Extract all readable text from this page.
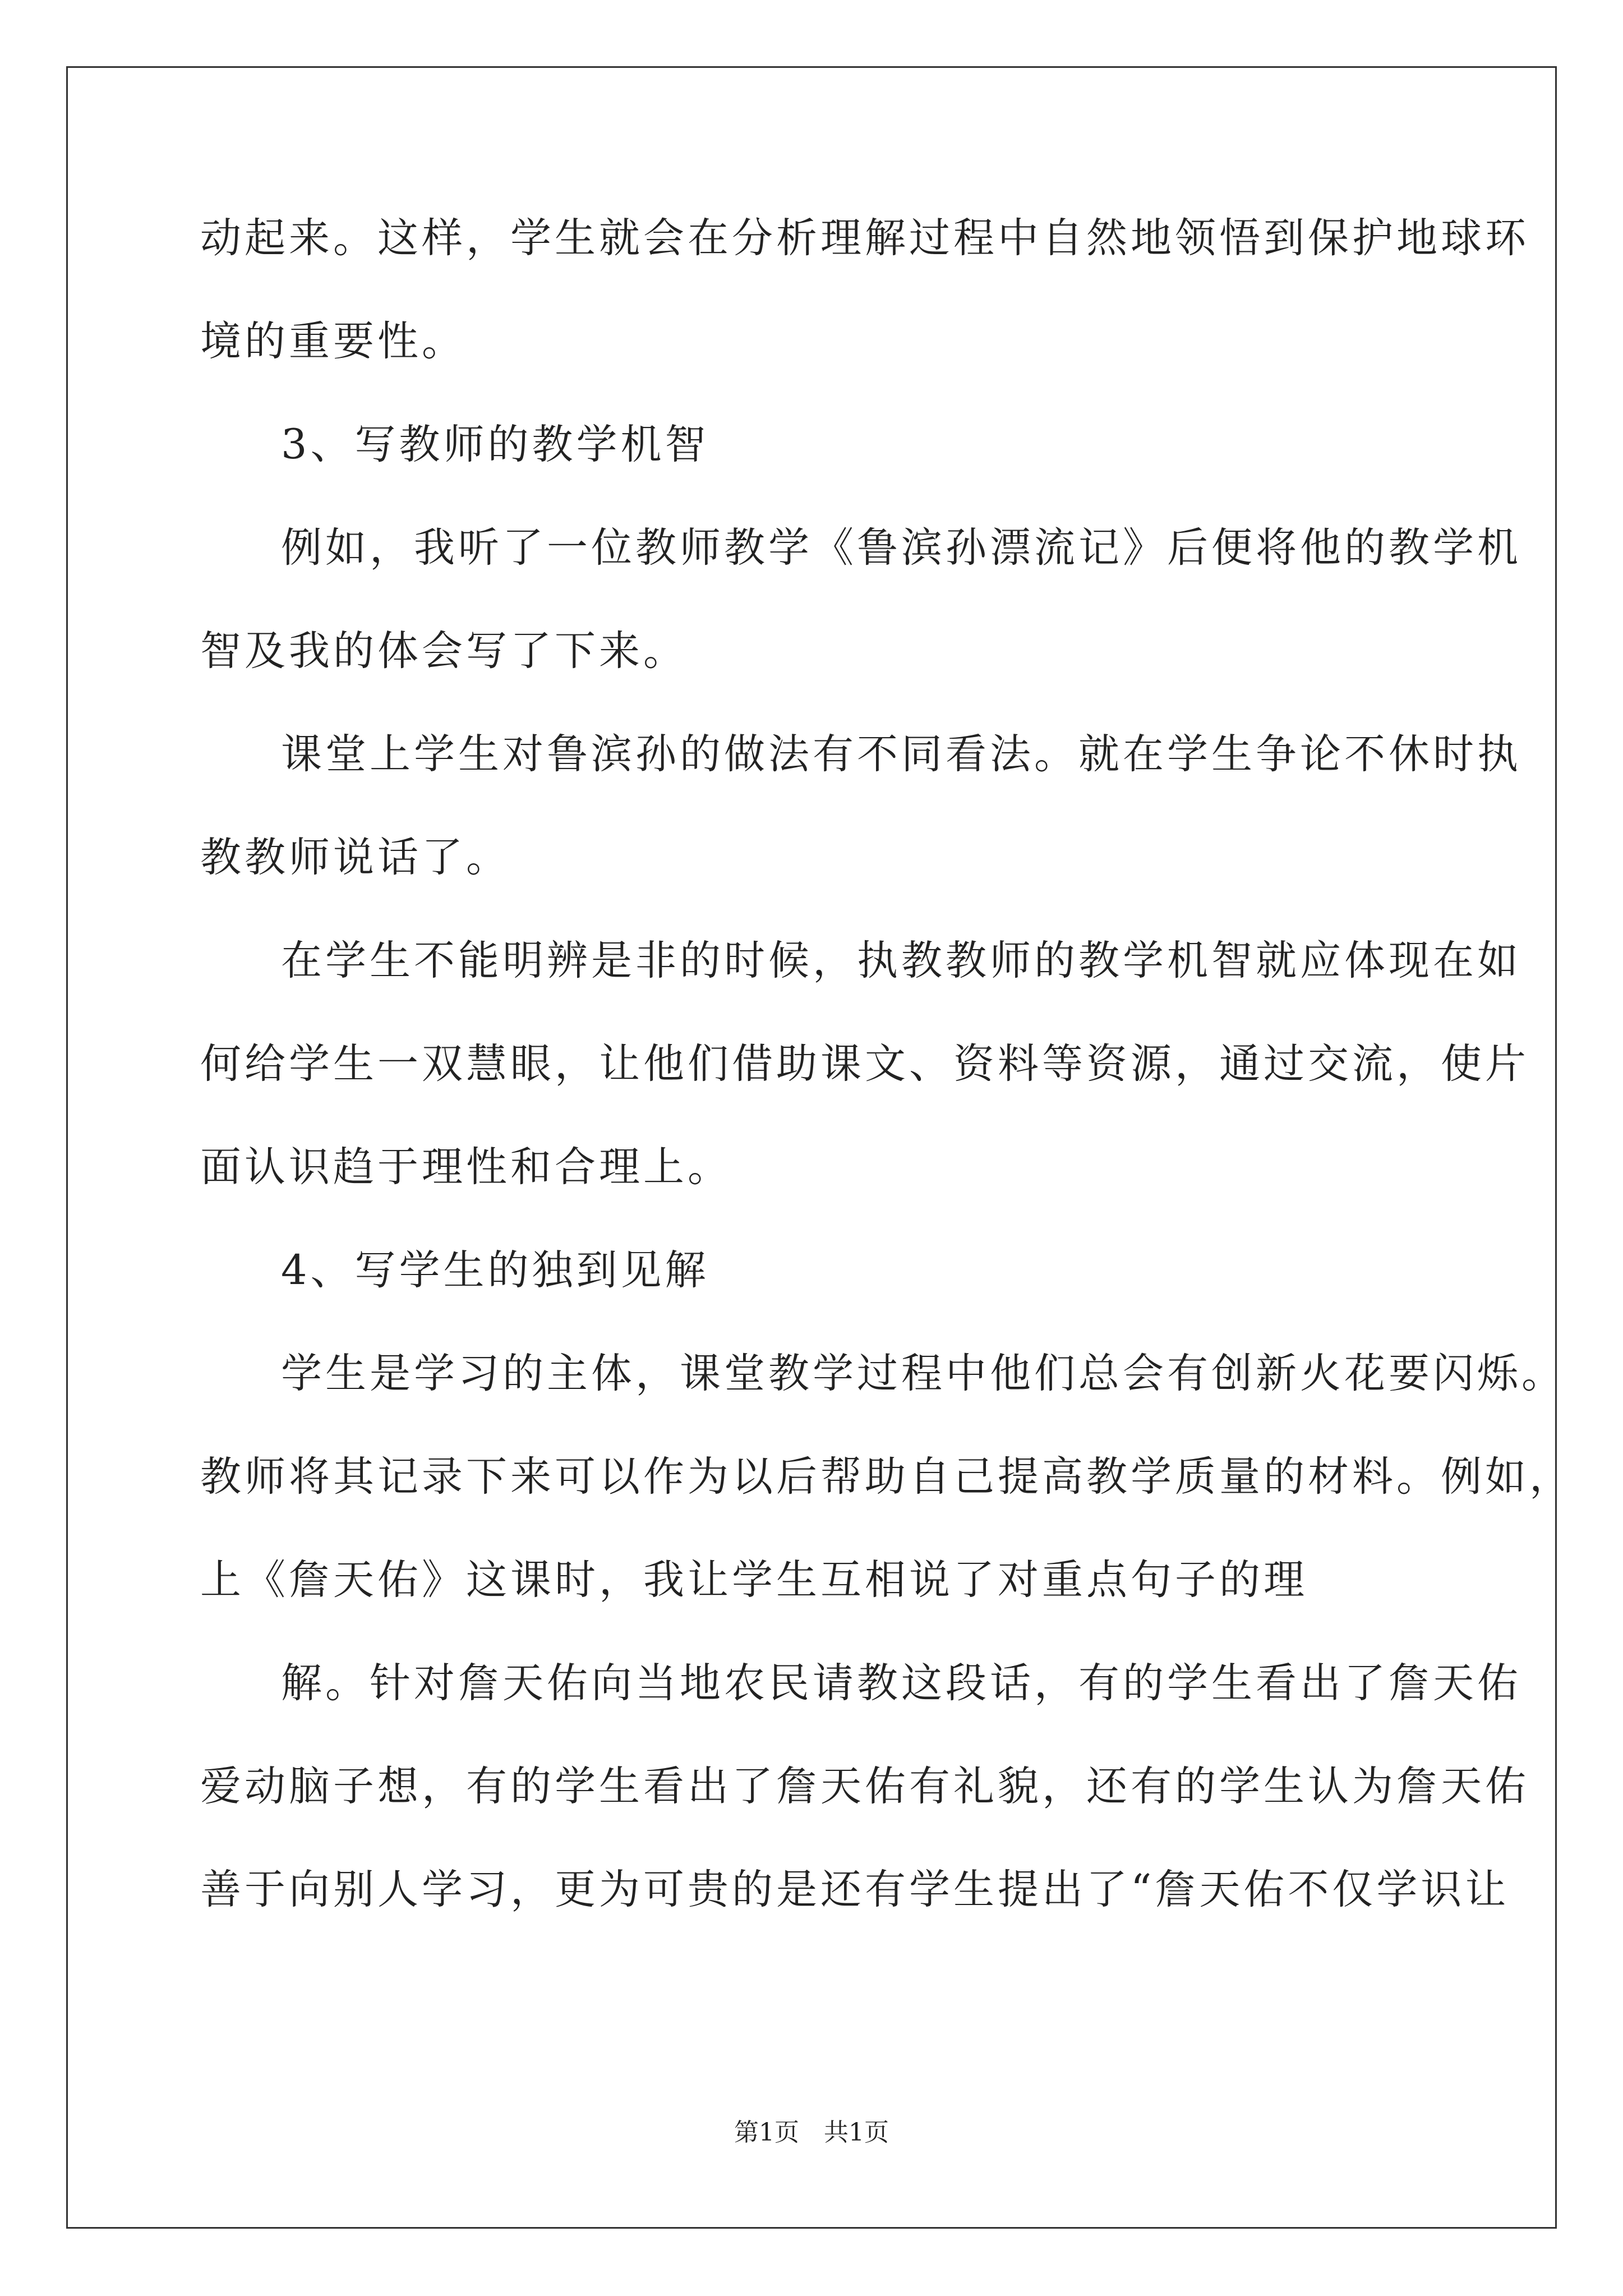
动起来。这样，学生就会在分析理解过程中自然地领悟到保护地球环
境的重要性。
3、写教师的教学机智
例如，我听了一位教师教学《鲁滨孙漂流记》后便将他的教学机
智及我的体会写了下来。
课堂上学生对鲁滨孙的做法有不同看法。就在学生争论不休时执
教教师说话了。
在学生不能明辨是非的时候，执教教师的教学机智就应体现在如
何给学生一双慧眼，让他们借助课文、资料等资源，通过交流，使片
面认识趋于理性和合理上。
4、写学生的独到见解
学生是学习的主体，课堂教学过程中他们总会有创新火花要闪烁。
教师将其记录下来可以作为以后帮助自己提高教学质量的材料。例如，
上《詹天佑》这课时，我让学生互相说了对重点句子的理
解。针对詹天佑向当地农民请教这段话，有的学生看出了詹天佑
爱动脑子想，有的学生看出了詹天佑有礼貌，还有的学生认为詹天佑
善于向别人学习，更为可贵的是还有学生提出了“詹天佑不仅学识让
第1页　共1页
